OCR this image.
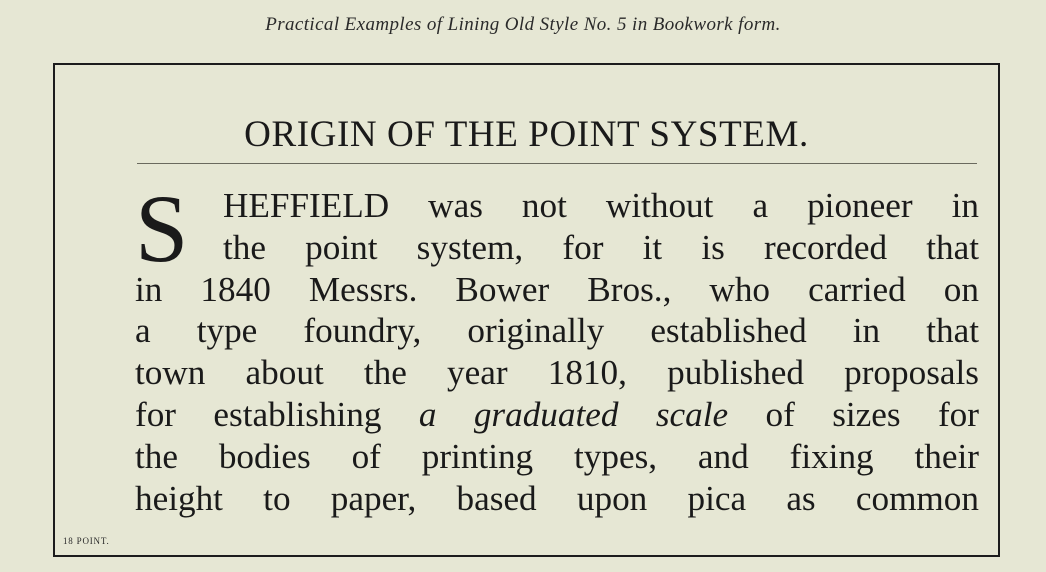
Practical Examples of Lining Old Style No. 5 in Bookwork form.
ORIGIN OF THE POINT SYSTEM.
S HEFFIELD was not without a pioneer in
the point system, for it is recorded that
in 1840 Messrs. Bower Bros., who carried on
a type foundry, originally established in that
town about the year 1810, published proposals
for establishing a graduated scale of sizes for
the bodies of printing types, and fixing their
height to paper, based upon pica as common
18 POINT.
